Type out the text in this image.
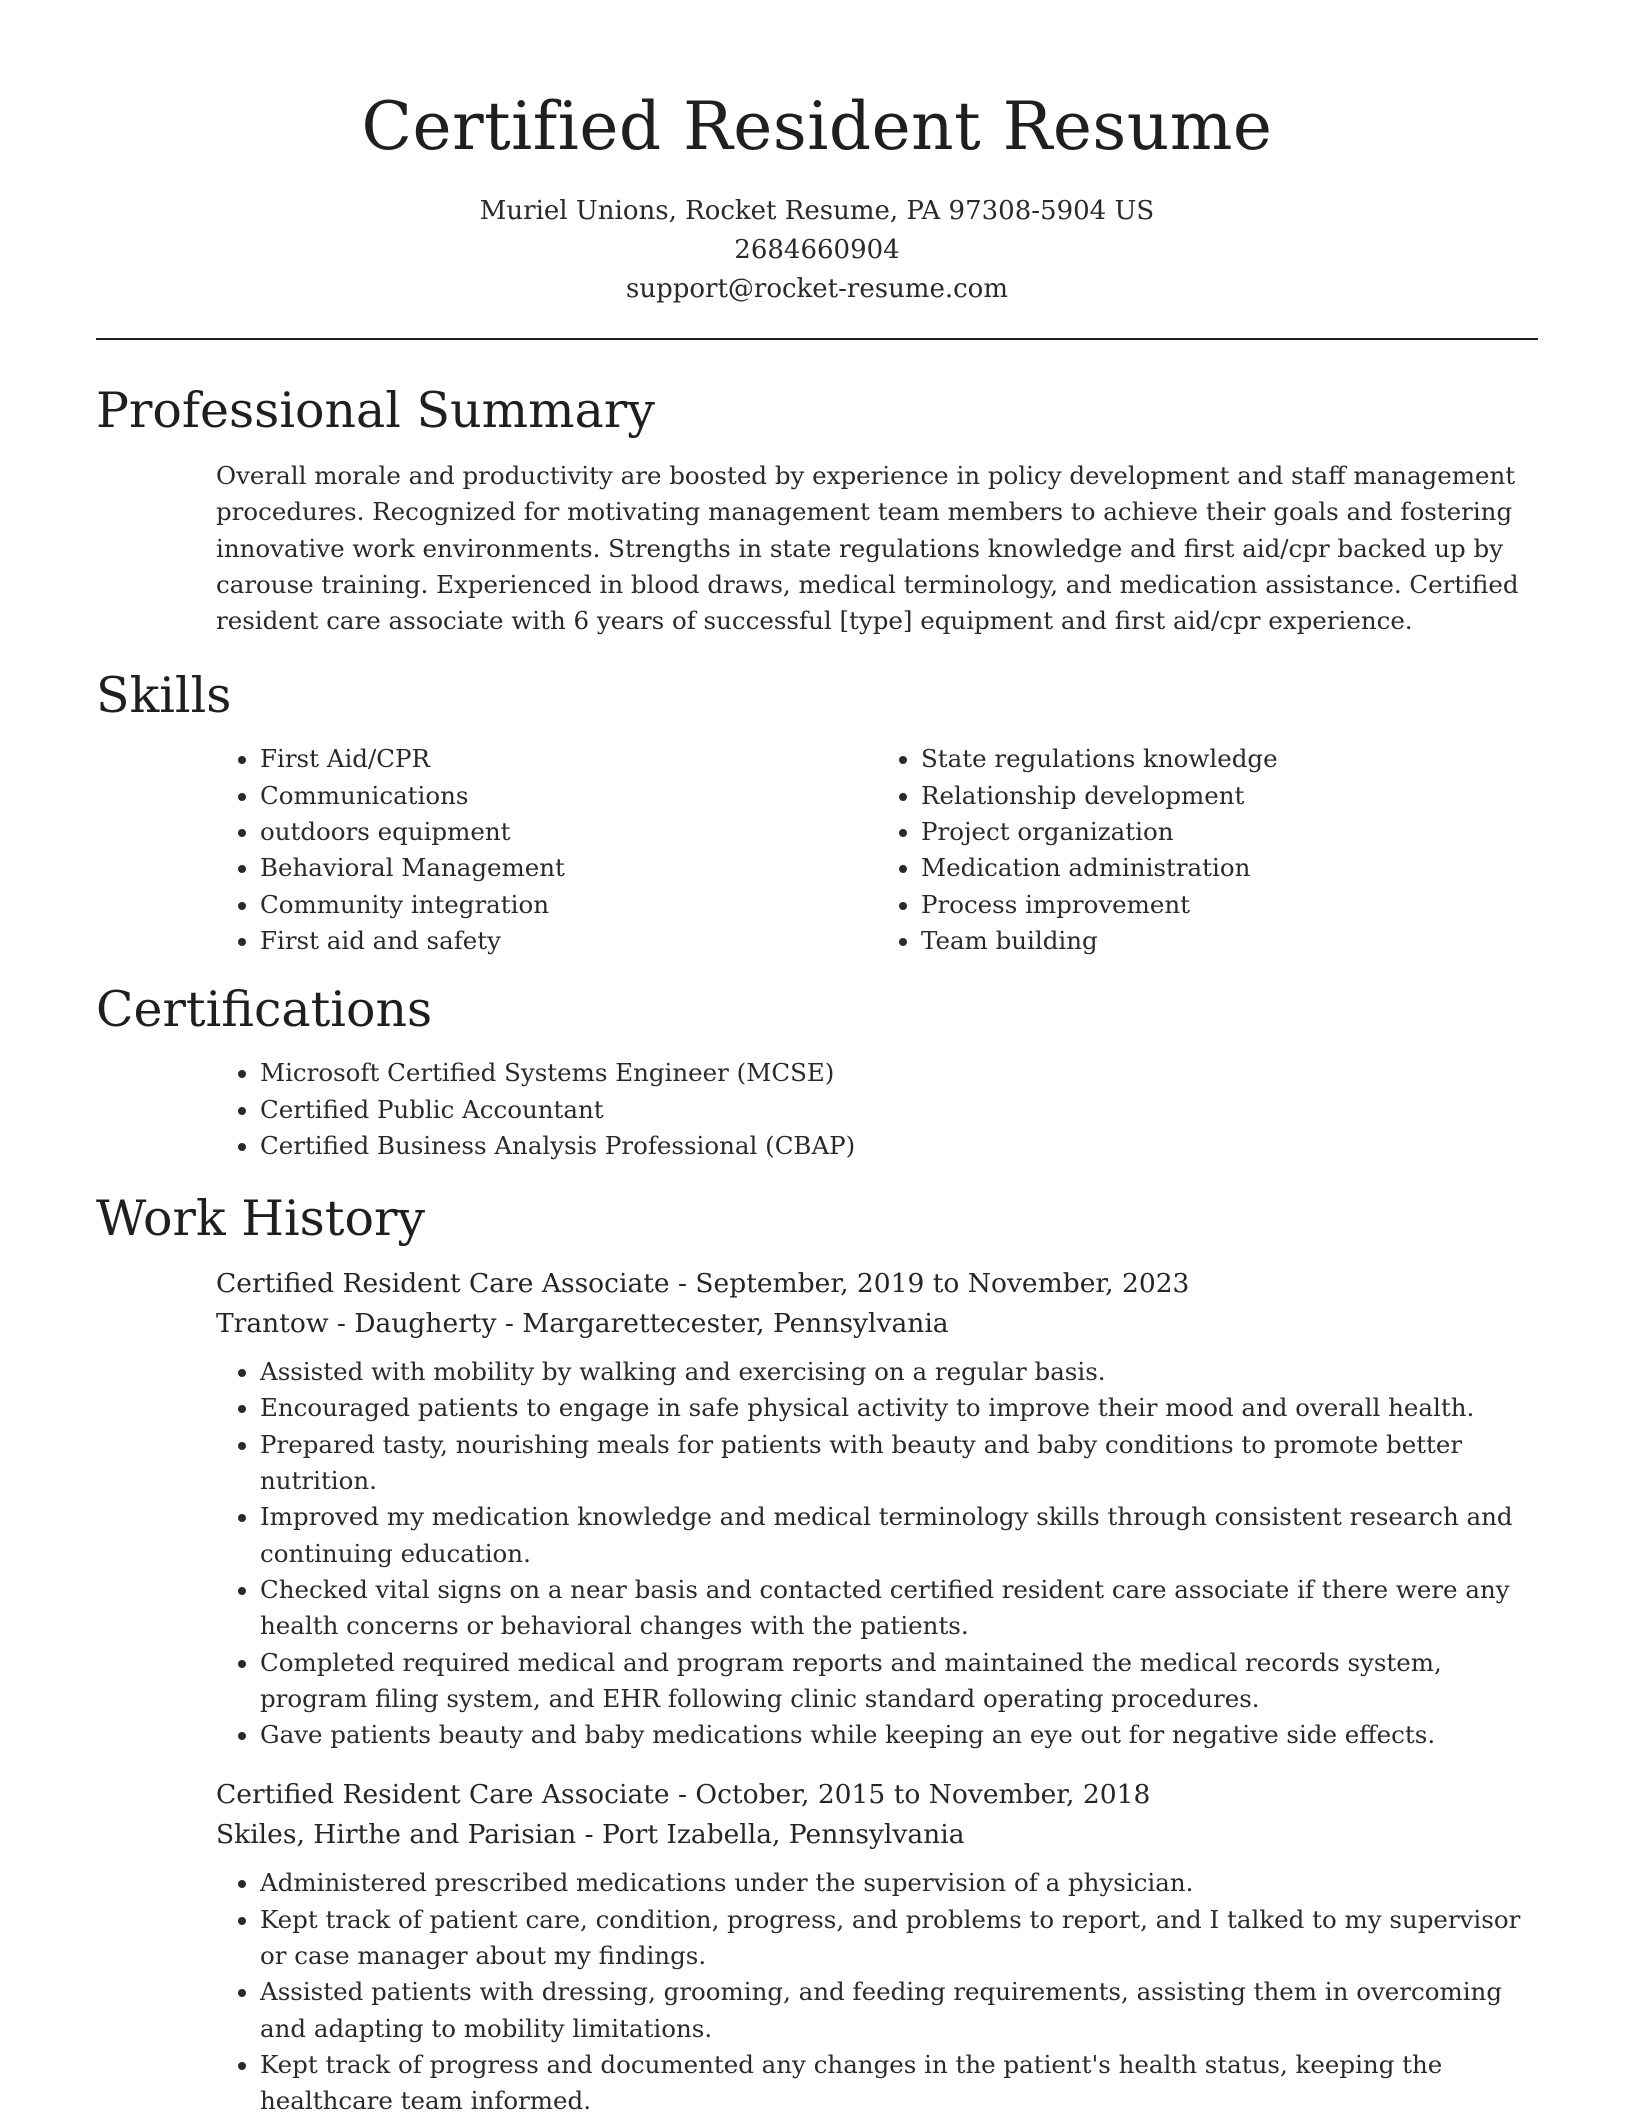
Certified Resident Resume
Muriel Unions, Rocket Resume, PA 97308-5904 US
2684660904
support@rocket-resume.com
Professional Summary

Overall morale and productivity are boosted by experience in policy development and staff management procedures. Recognized for motivating management team members to achieve their goals and fostering innovative work environments. Strengths in state regulations knowledge and first aid/cpr backed up by carouse training. Experienced in blood draws, medical terminology, and medication assistance. Certified resident care associate with 6 years of successful [type] equipment and first aid/cpr experience.

Skills
• First Aid/CPR
• Communications
• outdoors equipment
• Behavioral Management
• Community integration
• First aid and safety
• State regulations knowledge
• Relationship development
• Project organization
• Medication administration
• Process improvement
• Team building
Certifications
• Microsoft Certified Systems Engineer (MCSE)
• Certified Public Accountant
• Certified Business Analysis Professional (CBAP)
Work History
Certified Resident Care Associate - September, 2019 to November, 2023
Trantow - Daugherty - Margarettecester, Pennsylvania
• Assisted with mobility by walking and exercising on a regular basis.
• Encouraged patients to engage in safe physical activity to improve their mood and overall health.
• Prepared tasty, nourishing meals for patients with beauty and baby conditions to promote better nutrition.
• Improved my medication knowledge and medical terminology skills through consistent research and continuing education.
• Checked vital signs on a near basis and contacted certified resident care associate if there were any health concerns or behavioral changes with the patients.
• Completed required medical and program reports and maintained the medical records system, program filing system, and EHR following clinic standard operating procedures.
• Gave patients beauty and baby medications while keeping an eye out for negative side effects.
Certified Resident Care Associate - October, 2015 to November, 2018
Skiles, Hirthe and Parisian - Port Izabella, Pennsylvania
• Administered prescribed medications under the supervision of a physician.
• Kept track of patient care, condition, progress, and problems to report, and I talked to my supervisor or case manager about my findings.
• Assisted patients with dressing, grooming, and feeding requirements, assisting them in overcoming and adapting to mobility limitations.
• Kept track of progress and documented any changes in the patient's health status, keeping the healthcare team informed.
